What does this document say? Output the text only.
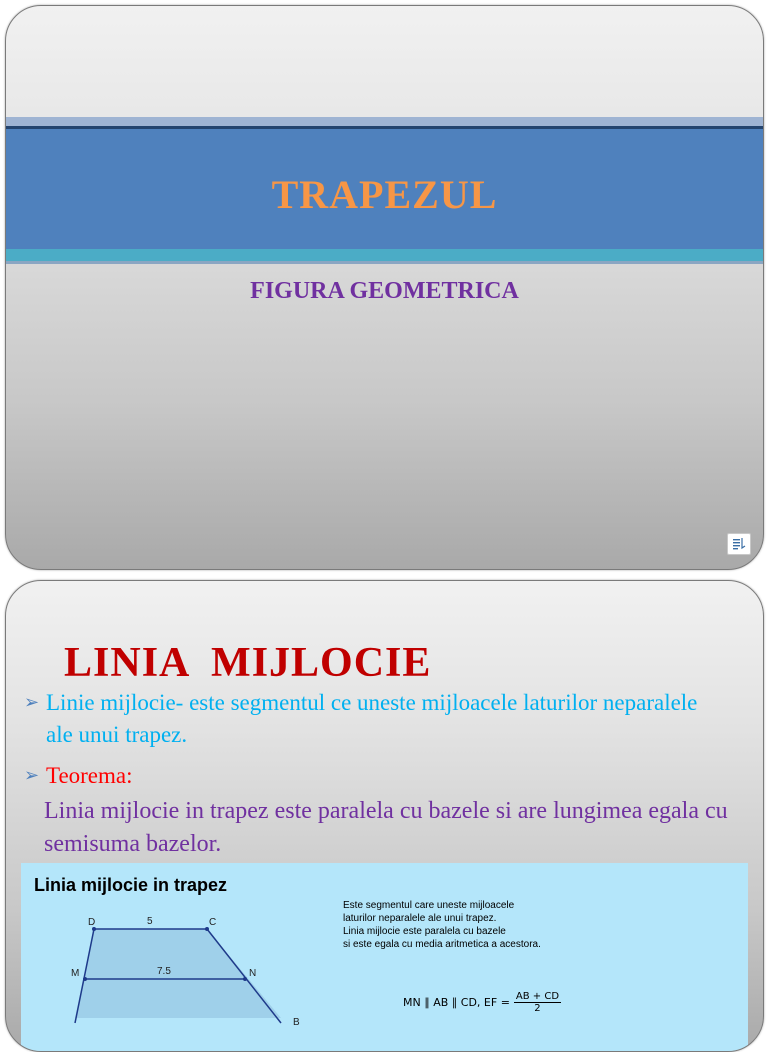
TRAPEZUL
FIGURA GEOMETRICA
LINIA  MIJLOCIE
➢ Linie mijlocie- este segmentul ce uneste mijloacele laturilor neparalele ale unui trapez.
➢ Teorema:
Linia mijlocie in trapez este paralela cu bazele si are lungimea egala cu semisuma bazelor.
D	C
M	N
B
5
7.5
Linia mijlocie in trapez
Este segmentul care uneste mijloacele
laturilor neparalele ale unui trapez.
Linia mijlocie este paralela cu bazele
si este egala cu media aritmetica a acestora.
MN ∥ AB ∥ CD, EF = $\frac{AB + CD}{2}$
